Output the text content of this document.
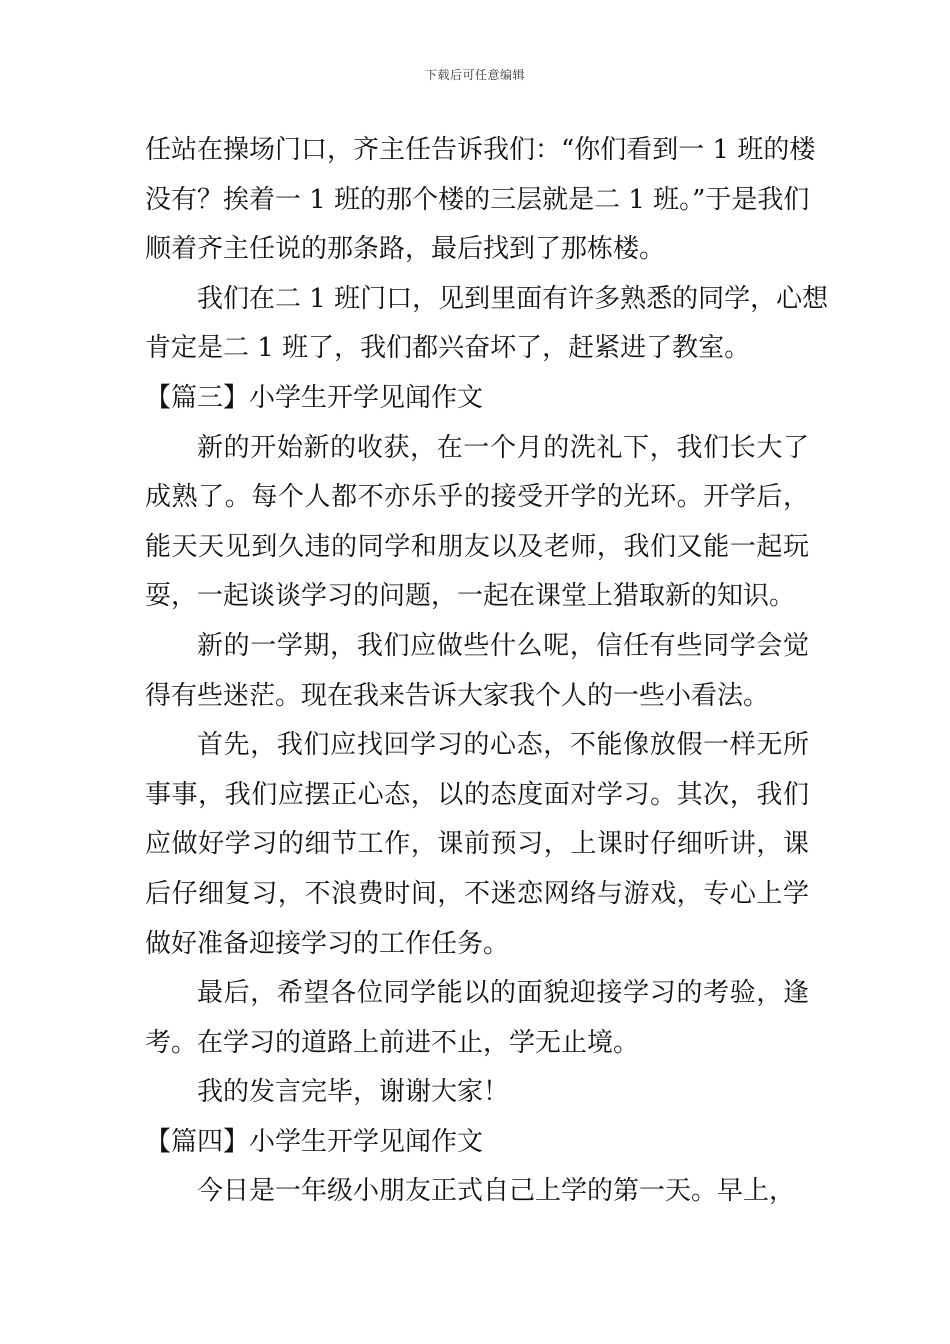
下载后可任意编辑
任站在操场门口，齐主任告诉我们：“你们看到一 1 班的楼
没有？挨着一 1 班的那个楼的三层就是二 1 班。”于是我们
顺着齐主任说的那条路，最后找到了那栋楼。
我们在二 1 班门口，见到里面有许多熟悉的同学，心想
肯定是二 1 班了，我们都兴奋坏了，赶紧进了教室。
【篇三】小学生开学见闻作文
新的开始新的收获，在一个月的洗礼下，我们长大了
成熟了。每个人都不亦乐乎的接受开学的光环。开学后，
能天天见到久违的同学和朋友以及老师，我们又能一起玩
耍，一起谈谈学习的问题，一起在课堂上猎取新的知识。
新的一学期，我们应做些什么呢，信任有些同学会觉
得有些迷茫。现在我来告诉大家我个人的一些小看法。
首先，我们应找回学习的心态，不能像放假一样无所
事事，我们应摆正心态，以的态度面对学习。其次，我们
应做好学习的细节工作，课前预习，上课时仔细听讲，课
后仔细复习，不浪费时间，不迷恋网络与游戏，专心上学
做好准备迎接学习的工作任务。
最后，希望各位同学能以的面貌迎接学习的考验，逢
考。在学习的道路上前进不止，学无止境。
我的发言完毕，谢谢大家！
【篇四】小学生开学见闻作文
今日是一年级小朋友正式自己上学的第一天。早上，
